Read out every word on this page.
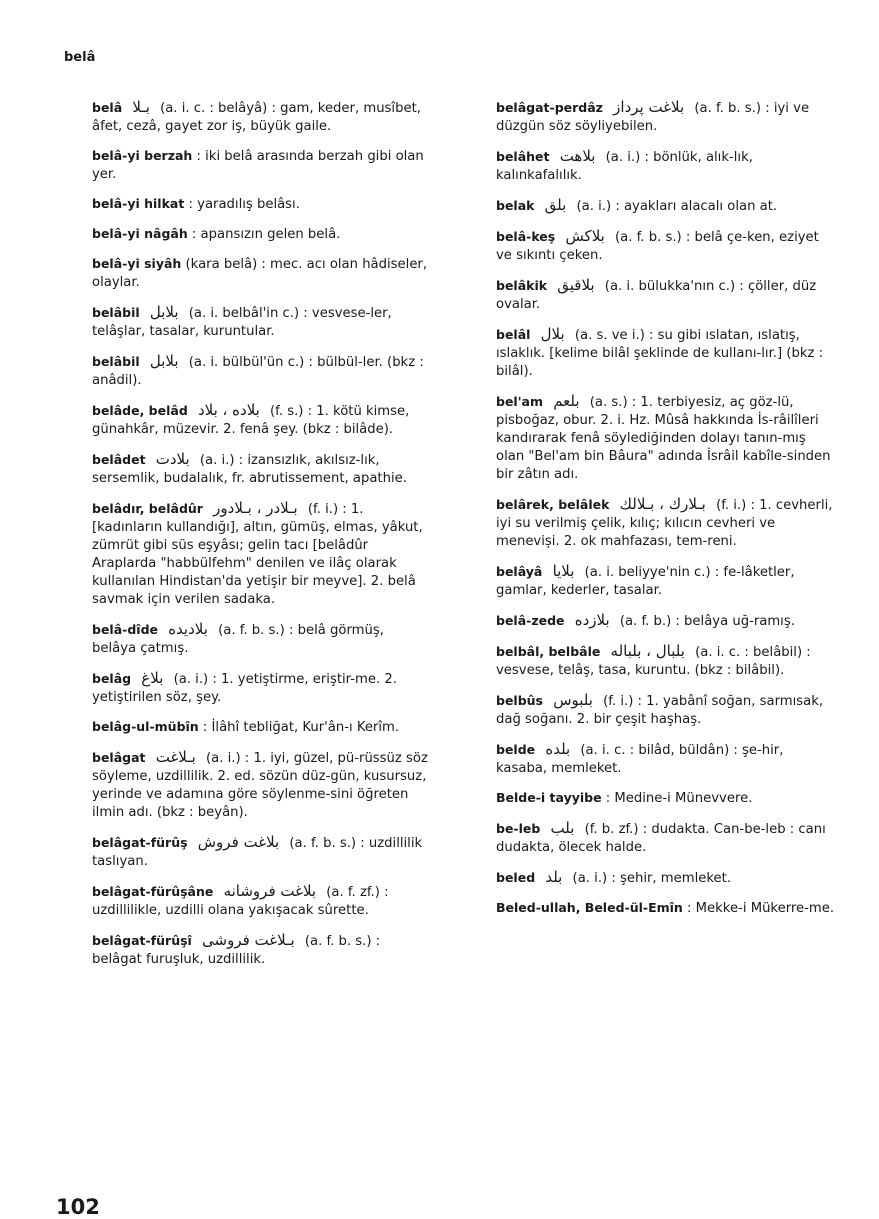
belâ

belâ بـلا (a. i. c. : belâyâ) : gam, keder, musîbet, âfet, cezâ, gayet zor iş, büyük gaile.

belâ-yi berzah : iki belâ arasında berzah gibi olan yer.

belâ-yi hilkat : yaradılış belâsı.

belâ-yi nâgâh : apansızın gelen belâ.

belâ-yi siyâh (kara belâ) : mec. acı olan hâdiseler, olaylar.

belâbil بلابل (a. i. belbâl'in c.) : vesvese-ler, telâşlar, tasalar, kuruntular.

belâbil بلابل (a. i. bülbül'ün c.) : bülbül-ler. (bkz : anâdil).

belâde, belâd بلاده ، بلاد (f. s.) : 1. kötü kimse, günahkâr, müzevir. 2. fenâ şey. (bkz : bilâde).

belâdet بلادت (a. i.) : izansızlık, akılsız-lık, sersemlik, budalalık, fr. abrutissement, apathie.

belâdır, belâdûr بـلادر ، بـلادور (f. i.) : 1. [kadınların kullandığı], altın, gümüş, elmas, yâkut, zümrüt gibi süs eşyâsı; gelin tacı [belâdûr Araplarda "habbülfehm" denilen ve ilâç olarak kullanılan Hindistan'da yetişir bir meyve]. 2. belâ savmak için verilen sadaka.

belâ-dîde بلاديده (a. f. b. s.) : belâ görmüş, belâya çatmış.

belâg بلاغ (a. i.) : 1. yetiştirme, eriştir-me. 2. yetiştirilen söz, şey.

belâg-ul-mübîn : İlâhî tebliğat, Kur'ân-ı Kerîm.

belâgat بـلاغت (a. i.) : 1. iyi, güzel, pü-rüssüz söz söyleme, uzdillilik. 2. ed. sözün düz-gün, kusursuz, yerinde ve adamına göre söylenme-sini öğreten ilmin adı. (bkz : beyân).

belâgat-fürûş بلاغت فروش (a. f. b. s.) : uzdillilik taslıyan.

belâgat-fürûşâne بلاغت فروشانه (a. f. zf.) : uzdillilikle, uzdilli olana yakışacak sûrette.

belâgat-fürûşî بـلاغت فروشى (a. f. b. s.) : belâgat furuşluk, uzdillilik.

belâgat-perdâz بلاغت پرداز (a. f. b. s.) : iyi ve düzgün söz söyliyebilen.

belâhet بلاهت (a. i.) : bönlük, alık-lık, kalınkafalılık.

belak بلق (a. i.) : ayakları alacalı olan at.

belâ-keş بلاكش (a. f. b. s.) : belâ çe-ken, eziyet ve sıkıntı çeken.

belâkik بلاقيق (a. i. bülukka'nın c.) : çöller, düz ovalar.

belâl بلال (a. s. ve i.) : su gibi ıslatan, ıslatış, ıslaklık. [kelime bilâl şeklinde de kullanı-lır.] (bkz : bilâl).

bel'am بلعم (a. s.) : 1. terbiyesiz, aç göz-lü, pisboğaz, obur. 2. i. Hz. Mûsâ hakkında İs-râilîleri kandırarak fenâ söylediğinden dolayı tanın-mış olan "Bel'am bin Bâura" adında İsrâil kabîle-sinden bir zâtın adı.

belârek, belâlek بـلارك ، بـلالك (f. i.) : 1. cevherli, iyi su verilmiş çelik, kılıç; kılıcın cevheri ve meneviși. 2. ok mahfazası, tem-reni.

belâyâ بلايا (a. i. beliyye'nin c.) : fe-lâketler, gamlar, kederler, tasalar.

belâ-zede بلازده (a. f. b.) : belâya uğ-ramış.

belbâl, belbâle بلبال ، بلباله (a. i. c. : belâbil) : vesvese, telâş, tasa, kuruntu. (bkz : bilâbil).

belbûs بلبوس (f. i.) : 1. yabânî soğan, sarmısak, dağ soğanı. 2. bir çeşit haşhaş.

belde بلده (a. i. c. : bilâd, büldân) : şe-hir, kasaba, memleket.

Belde-i tayyibe : Medine-i Münevvere.

be-leb بلب (f. b. zf.) : dudakta. Can-be-leb : canı dudakta, ölecek halde.

beled بلد (a. i.) : şehir, memleket.

Beled-ullah, Beled-ül-Emîn : Mekke-i Mükerre-me.

102
